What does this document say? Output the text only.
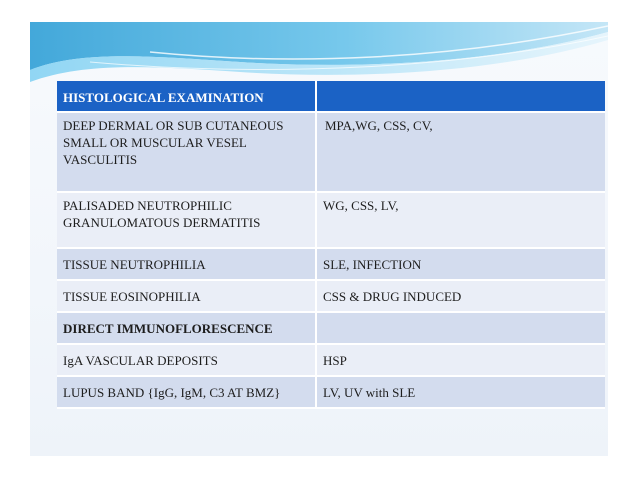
HISTOLOGICAL EXAMINATION	
DEEP DERMAL OR SUB CUTANEOUS SMALL OR MUSCULAR VESEL VASCULITIS	MPA,WG, CSS, CV,
PALISADED NEUTROPHILIC GRANULOMATOUS DERMATITIS	WG, CSS, LV,
TISSUE NEUTROPHILIA	SLE, INFECTION
TISSUE EOSINOPHILIA	CSS & DRUG INDUCED
DIRECT IMMUNOFLORESCENCE	
IgA VASCULAR DEPOSITS	HSP
LUPUS BAND {IgG, IgM, C3 AT BMZ}	LV, UV with SLE
